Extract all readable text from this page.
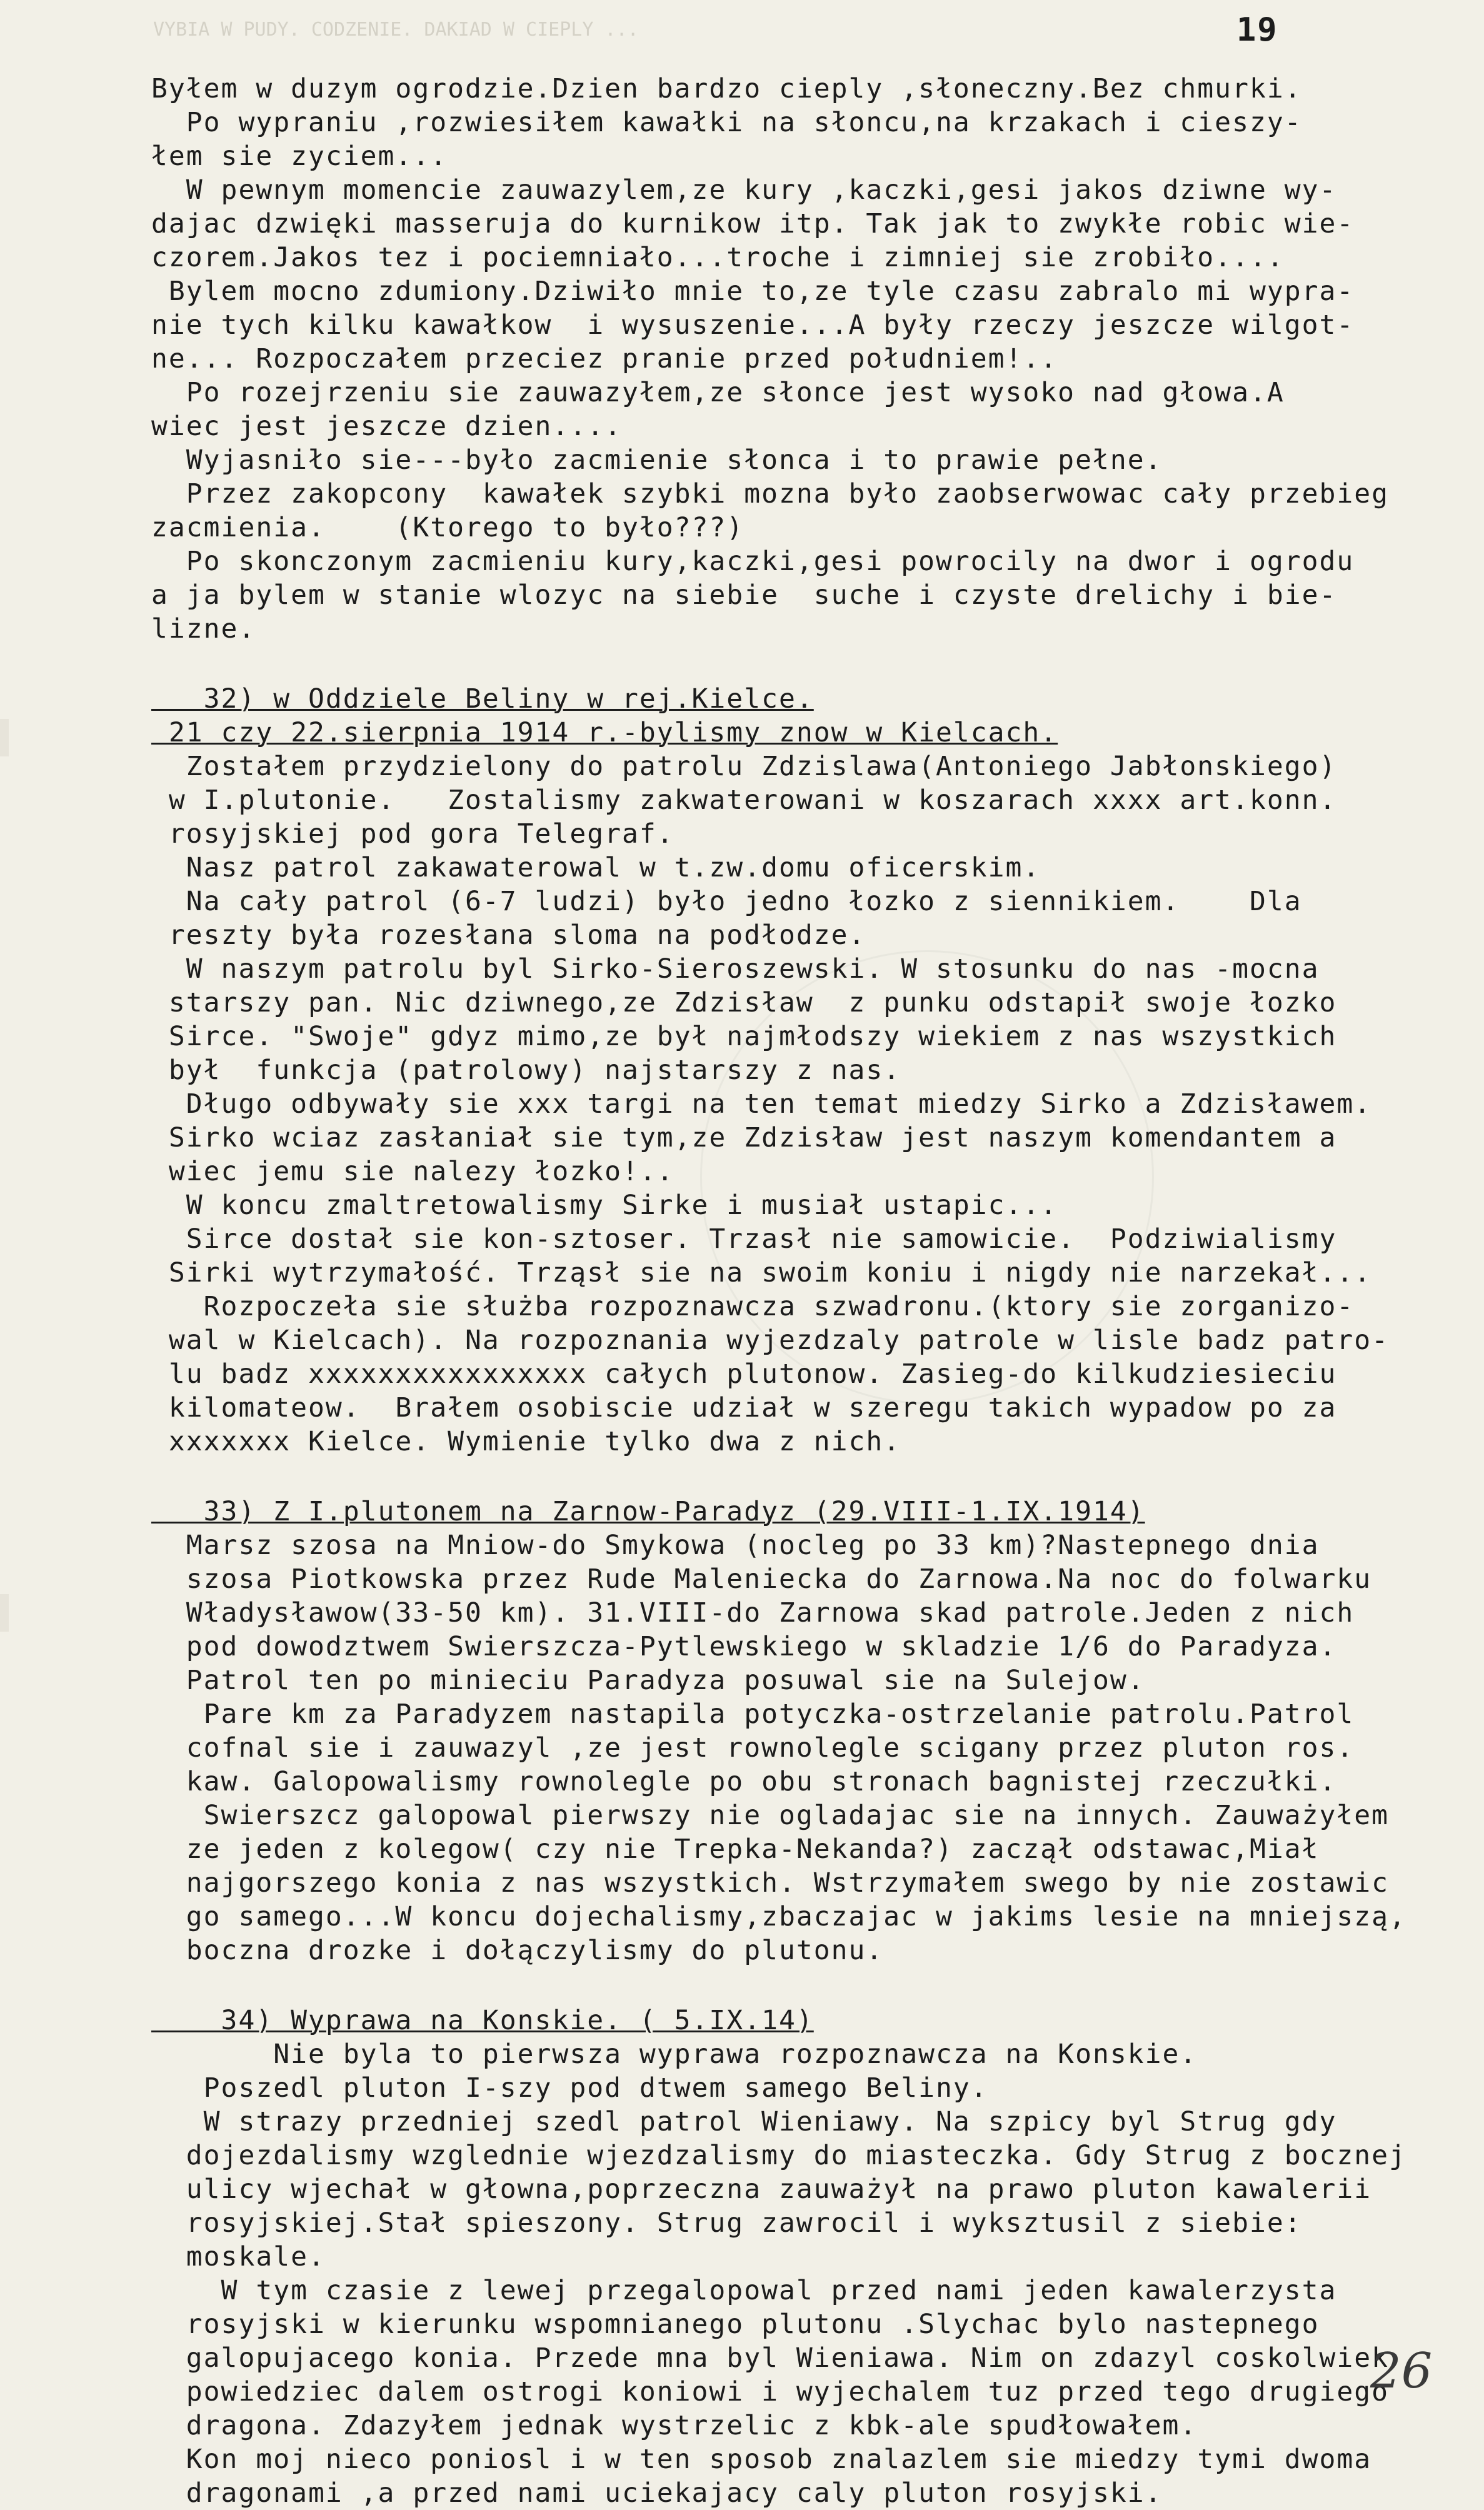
VYBIA W PUDY. CODZENIE. DAKIAD W CIEPLY ...	19
Byłem w duzym ogrodzie.Dzien bardzo cieply ,słoneczny.Bez chmurki.
Po wypraniu ,rozwiesiłem kawałki na słoncu,na krzakach i cieszy-
łem sie zyciem...
W pewnym momencie zauwazylem,ze kury ,kaczki,gesi jakos dziwne wy-
dajac dzwięki masseruja do kurnikow itp. Tak jak to zwykłe robic wie-
czorem.Jakos tez i pociemniało...troche i zimniej sie zrobiło....
Bylem mocno zdumiony.Dziwiło mnie to,ze tyle czasu zabralo mi wypra-
nie tych kilku kawałkow  i wysuszenie...A były rzeczy jeszcze wilgot-
ne... Rozpoczałem przeciez pranie przed południem!..
Po rozejrzeniu sie zauwazyłem,ze słonce jest wysoko nad głowa.A
wiec jest jeszcze dzien....
Wyjasniło sie---było zacmienie słonca i to prawie pełne.
Przez zakopcony  kawałek szybki mozna było zaobserwowac cały przebieg
zacmienia.    (Ktorego to było???)
Po skonczonym zacmieniu kury,kaczki,gesi powrocily na dwor i ogrodu
a ja bylem w stanie wlozyc na siebie  suche i czyste drelichy i bie-
lizne.
32) w Oddziele Beliny w rej.Kielce.
21 czy 22.sierpnia 1914 r.-bylismy znow w Kielcach.
Zostałem przydzielony do patrolu Zdzislawa(Antoniego Jabłonskiego)
w I.plutonie.   Zostalismy zakwaterowani w koszarach xxxx art.konn.
rosyjskiej pod gora Telegraf.
Nasz patrol zakawaterowal w t.zw.domu oficerskim.
Na cały patrol (6-7 ludzi) było jedno łozko z siennikiem.    Dla
reszty była rozesłana sloma na podłodze.
W naszym patrolu byl Sirko-Sieroszewski. W stosunku do nas -mocna
starszy pan. Nic dziwnego,ze Zdzisław  z punku odstapił swoje łozko
Sirce. "Swoje" gdyz mimo,ze był najmłodszy wiekiem z nas wszystkich
był  funkcja (patrolowy) najstarszy z nas.
Długo odbywały sie xxx targi na ten temat miedzy Sirko a Zdzisławem.
Sirko wciaz zasłaniał sie tym,ze Zdzisław jest naszym komendantem a
wiec jemu sie nalezy łozko!..
W koncu zmaltretowalismy Sirke i musiał ustapic...
Sirce dostał sie kon-sztoser. Trzasł nie samowicie.  Podziwialismy
Sirki wytrzymałość. Trząsł sie na swoim koniu i nigdy nie narzekał...
Rozpoczeła sie służba rozpoznawcza szwadronu.(ktory sie zorganizo-
wal w Kielcach). Na rozpoznania wyjezdzaly patrole w lisle badz patro-
lu badz xxxxxxxxxxxxxxxx całych plutonow. Zasieg-do kilkudziesieciu
kilomateow.  Brałem osobiscie udział w szeregu takich wypadow po za
xxxxxxx Kielce. Wymienie tylko dwa z nich.
33) Z I.plutonem na Zarnow-Paradyz (29.VIII-1.IX.1914)
Marsz szosa na Mniow-do Smykowa (nocleg po 33 km)?Nastepnego dnia
szosa Piotkowska przez Rude Maleniecka do Zarnowa.Na noc do folwarku
Władysławow(33-50 km). 31.VIII-do Zarnowa skad patrole.Jeden z nich
pod dowodztwem Swierszcza-Pytlewskiego w skladzie 1/6 do Paradyza.
Patrol ten po minieciu Paradyza posuwal sie na Sulejow.
Pare km za Paradyzem nastapila potyczka-ostrzelanie patrolu.Patrol
cofnal sie i zauwazyl ,ze jest rownolegle scigany przez pluton ros.
kaw. Galopowalismy rownolegle po obu stronach bagnistej rzeczułki.
Swierszcz galopowal pierwszy nie ogladajac sie na innych. Zauważyłem
ze jeden z kolegow( czy nie Trepka-Nekanda?) zaczął odstawac,Miał
najgorszego konia z nas wszystkich. Wstrzymałem swego by nie zostawic
go samego...W koncu dojechalismy,zbaczajac w jakims lesie na mniejszą,
boczna drozke i dołączylismy do plutonu.
34) Wyprawa na Konskie. ( 5.IX.14)
Nie byla to pierwsza wyprawa rozpoznawcza na Konskie.
Poszedl pluton I-szy pod dtwem samego Beliny.
W strazy przedniej szedl patrol Wieniawy. Na szpicy byl Strug gdy
dojezdalismy wzglednie wjezdzalismy do miasteczka. Gdy Strug z bocznej
ulicy wjechał w głowna,poprzeczna zauważył na prawo pluton kawalerii
rosyjskiej.Stał spieszony. Strug zawrocil i wyksztusil z siebie:
moskale.
W tym czasie z lewej przegalopowal przed nami jeden kawalerzysta
rosyjski w kierunku wspomnianego plutonu .Slychac bylo nastepnego
galopujacego konia. Przede mna byl Wieniawa. Nim on zdazyl coskolwiek
powiedziec dalem ostrogi koniowi i wyjechalem tuz przed tego drugiego
dragona. Zdazyłem jednak wystrzelic z kbk-ale spudłowałem.
Kon moj nieco poniosl i w ten sposob znalazlem sie miedzy tymi dwoma
dragonami ,a przed nami uciekajacy caly pluton rosyjski.
26
